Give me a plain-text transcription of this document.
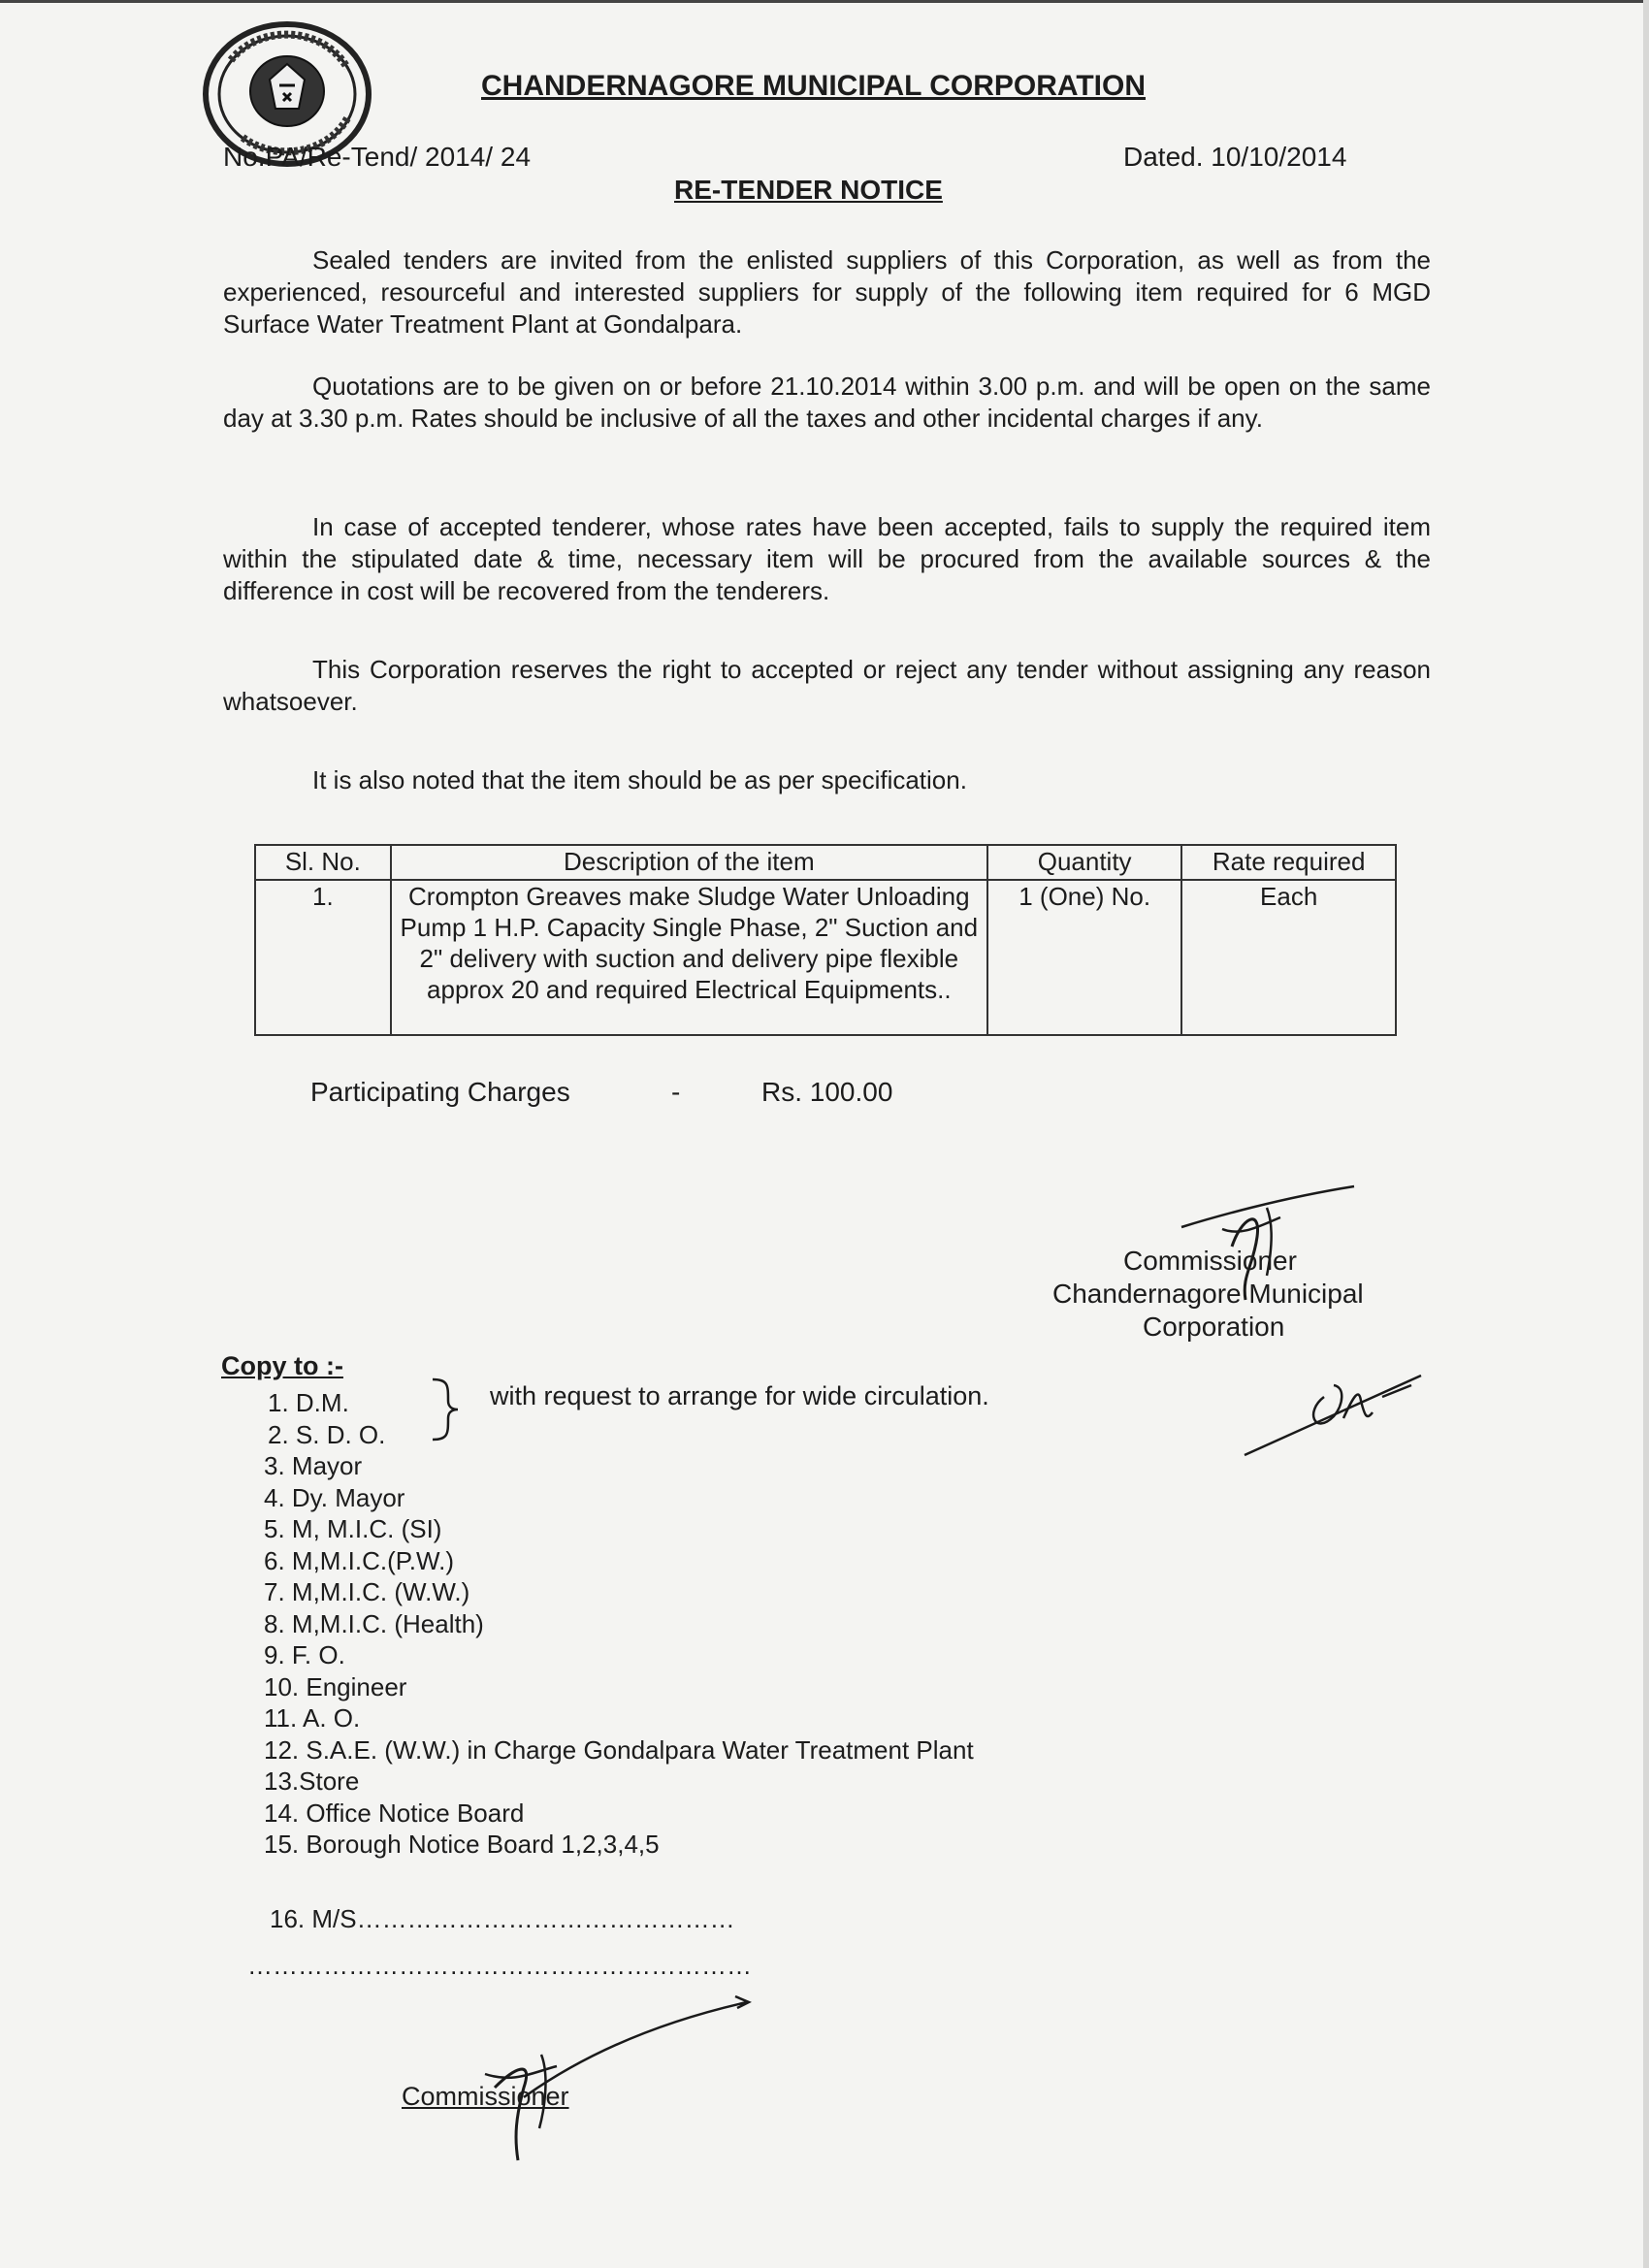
CHANDERNAGORE MUNICIPAL CORPORATION
No.PA/Re-Tend/ 2014/ 24	Dated. 10/10/2014
RE-TENDER NOTICE
Sealed tenders are invited from the enlisted suppliers of this Corporation, as well as from the experienced, resourceful and interested suppliers for supply of the following item required for 6 MGD Surface Water Treatment Plant at Gondalpara.
Quotations are to be given on or before 21.10.2014 within 3.00 p.m. and will be open on the same day at 3.30 p.m. Rates should be inclusive of all the taxes and other incidental charges if any.
In case of accepted tenderer, whose rates have been accepted, fails to supply the required item within the stipulated date & time, necessary item will be procured from the available sources & the difference in cost will be recovered from the tenderers.
This Corporation reserves the right to accepted or reject any tender without assigning any reason whatsoever.
It is also noted that the item should be as per specification.
Sl. No.	Description of the item	Quantity	Rate required
1.	Crompton Greaves make Sludge Water Unloading Pump 1 H.P. Capacity Single Phase, 2" Suction and 2" delivery with suction and delivery pipe flexible approx 20 and required Electrical Equipments..	1 (One) No.	Each
Participating Charges	-	Rs. 100.00
Commissioner
Chandernagore Municipal
Corporation
Copy to :-
1. D.M.
2. S. D. O.
3. Mayor
4. Dy. Mayor
5. M, M.I.C. (SI)
6. M,M.I.C.(P.W.)
7. M,M.I.C. (W.W.)
8. M,M.I.C. (Health)
9. F. O.
10. Engineer
11. A. O.
12. S.A.E. (W.W.) in Charge Gondalpara Water Treatment Plant
13.Store
14. Office Notice Board
15. Borough Notice Board 1,2,3,4,5
with request to arrange for wide circulation.
16. M/S………………………………………
……………………………………………………
Commissioner
